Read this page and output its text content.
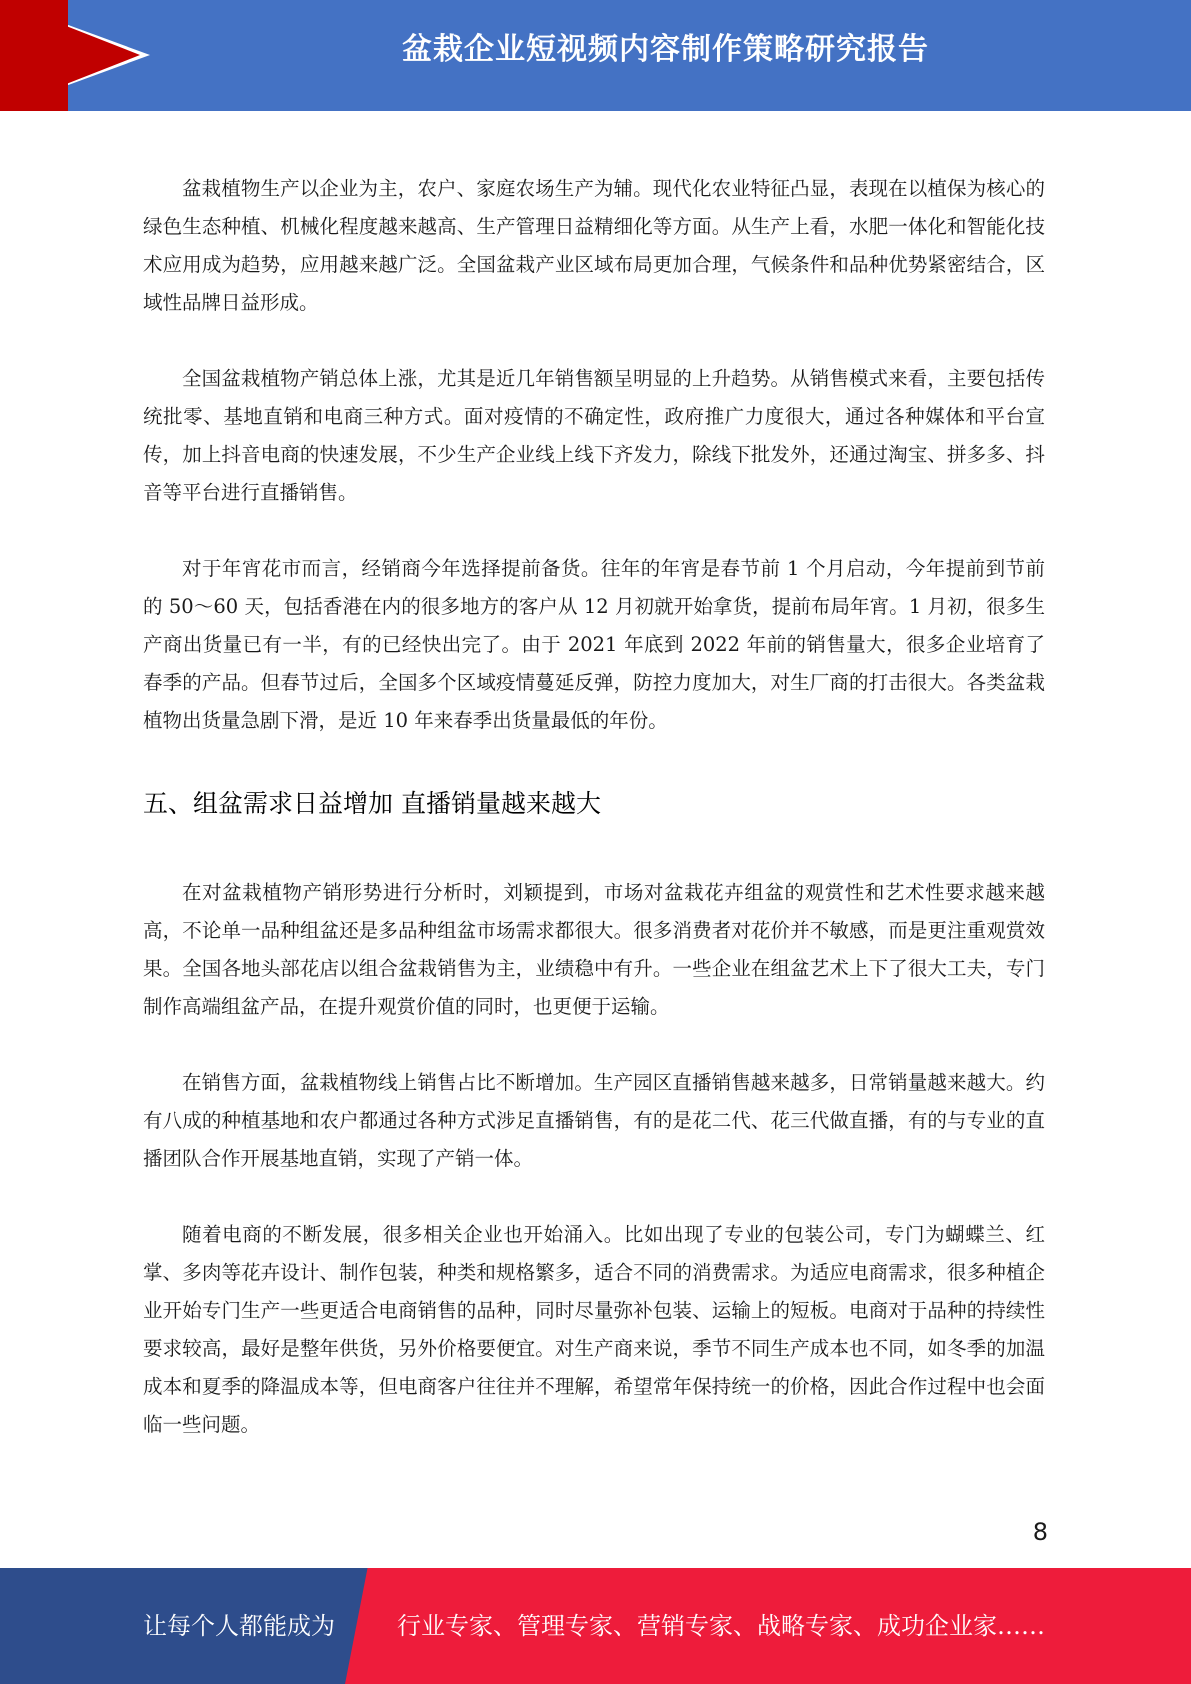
盆栽企业短视频内容制作策略研究报告

盆栽植物生产以企业为主，农户、家庭农场生产为辅。现代化农业特征凸显，表现在以植保为核心的绿色生态种植、机械化程度越来越高、生产管理日益精细化等方面。从生产上看，水肥一体化和智能化技术应用成为趋势，应用越来越广泛。全国盆栽产业区域布局更加合理，气候条件和品种优势紧密结合，区域性品牌日益形成。

全国盆栽植物产销总体上涨，尤其是近几年销售额呈明显的上升趋势。从销售模式来看，主要包括传统批零、基地直销和电商三种方式。面对疫情的不确定性，政府推广力度很大，通过各种媒体和平台宣传，加上抖音电商的快速发展，不少生产企业线上线下齐发力，除线下批发外，还通过淘宝、拼多多、抖音等平台进行直播销售。

对于年宵花市而言，经销商今年选择提前备货。往年的年宵是春节前 1 个月启动，今年提前到节前的 50～60 天，包括香港在内的很多地方的客户从 12 月初就开始拿货，提前布局年宵。1 月初，很多生产商出货量已有一半，有的已经快出完了。由于 2021 年底到 2022 年前的销售量大，很多企业培育了春季的产品。但春节过后，全国多个区域疫情蔓延反弹，防控力度加大，对生厂商的打击很大。各类盆栽植物出货量急剧下滑，是近 10 年来春季出货量最低的年份。

五、组盆需求日益增加 直播销量越来越大

在对盆栽植物产销形势进行分析时，刘颖提到，市场对盆栽花卉组盆的观赏性和艺术性要求越来越高，不论单一品种组盆还是多品种组盆市场需求都很大。很多消费者对花价并不敏感，而是更注重观赏效果。全国各地头部花店以组合盆栽销售为主，业绩稳中有升。一些企业在组盆艺术上下了很大工夫，专门制作高端组盆产品，在提升观赏价值的同时，也更便于运输。

在销售方面，盆栽植物线上销售占比不断增加。生产园区直播销售越来越多，日常销量越来越大。约有八成的种植基地和农户都通过各种方式涉足直播销售，有的是花二代、花三代做直播，有的与专业的直播团队合作开展基地直销，实现了产销一体。

随着电商的不断发展，很多相关企业也开始涌入。比如出现了专业的包装公司，专门为蝴蝶兰、红掌、多肉等花卉设计、制作包装，种类和规格繁多，适合不同的消费需求。为适应电商需求，很多种植企业开始专门生产一些更适合电商销售的品种，同时尽量弥补包装、运输上的短板。电商对于品种的持续性要求较高，最好是整年供货，另外价格要便宜。对生产商来说，季节不同生产成本也不同，如冬季的加温成本和夏季的降温成本等，但电商客户往往并不理解，希望常年保持统一的价格，因此合作过程中也会面临一些问题。

8
让每个人都能成为	行业专家、管理专家、营销专家、战略专家、成功企业家……
